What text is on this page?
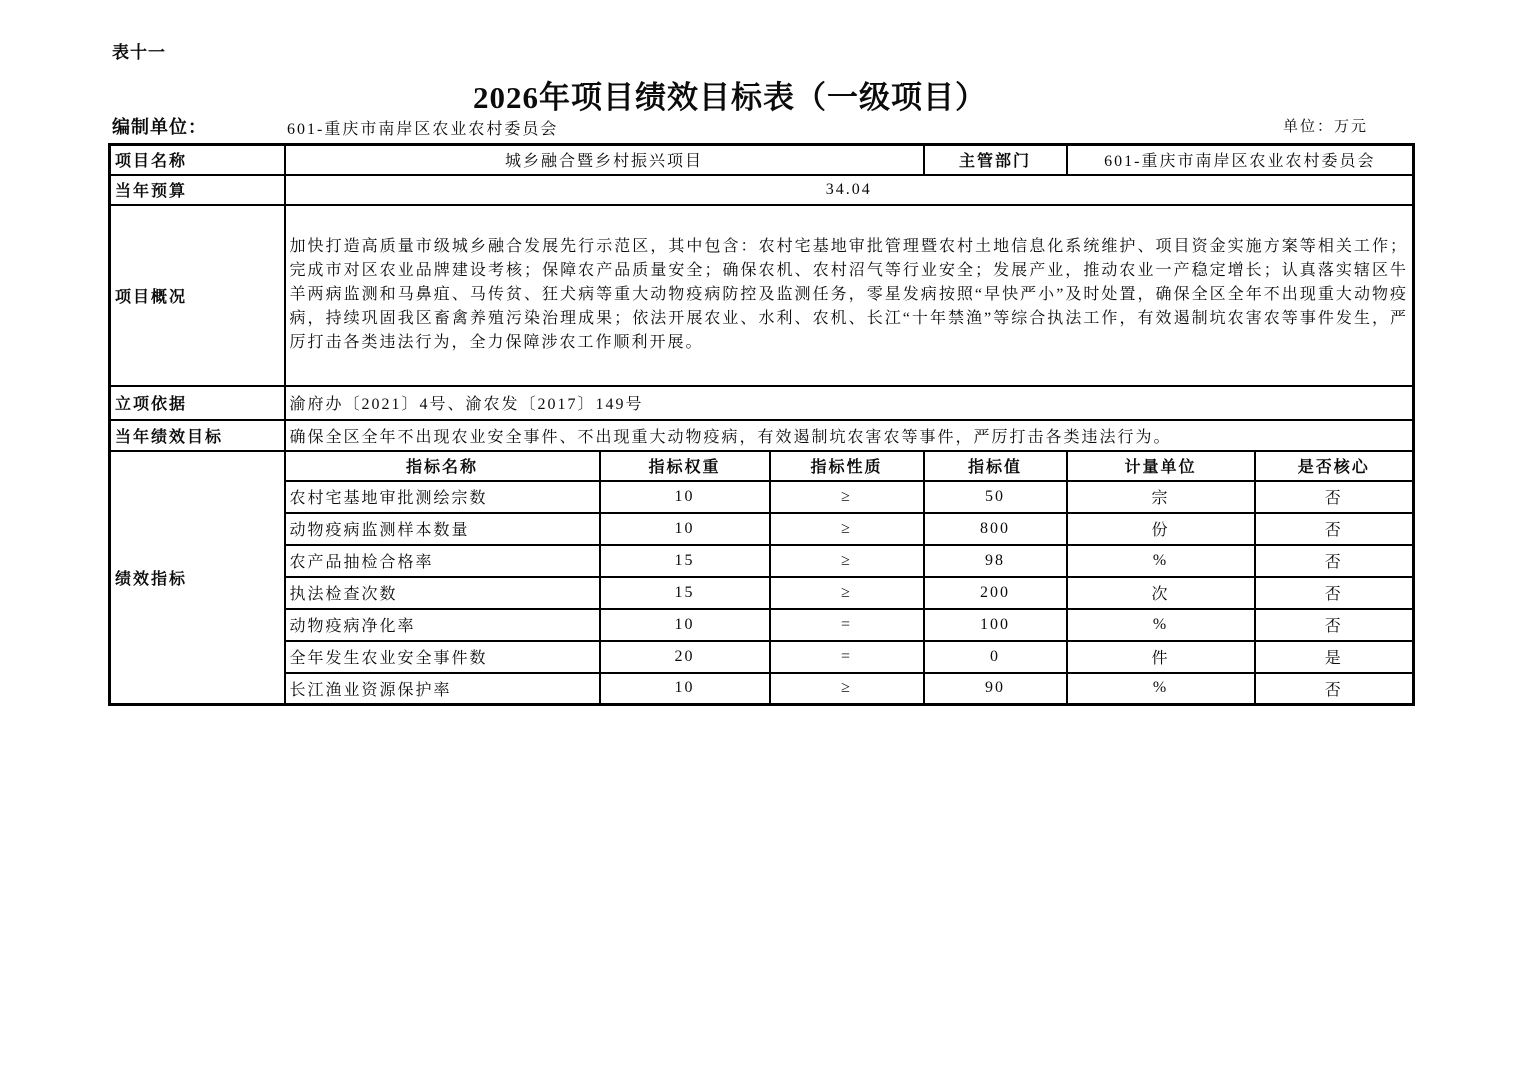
表十一
2026年项目绩效目标表（一级项目）
编制单位：	601-重庆市南岸区农业农村委员会	单位：万元
项目名称	城乡融合暨乡村振兴项目			主管部门	601-重庆市南岸区农业农村委员会	
当年预算	34.04					
项目概况	加快打造高质量市级城乡融合发展先行示范区，其中包含：农村宅基地审批管理暨农村土地信息化系统维护、项目资金实施方案等相关工作；完成市对区农业品牌建设考核；保障农产品质量安全；确保农机、农村沼气等行业安全；发展产业，推动农业一产稳定增长；认真落实辖区牛羊两病监测和马鼻疽、马传贫、狂犬病等重大动物疫病防控及监测任务，零星发病按照“早快严小”及时处置，确保全区全年不出现重大动物疫病，持续巩固我区畜禽养殖污染治理成果；依法开展农业、水利、农机、长江“十年禁渔”等综合执法工作，有效遏制坑农害农等事件发生，严厉打击各类违法行为，全力保障涉农工作顺利开展。					
立项依据	渝府办〔2021〕4号、渝农发〔2017〕149号					
当年绩效目标	确保全区全年不出现农业安全事件、不出现重大动物疫病，有效遏制坑农害农等事件，严厉打击各类违法行为。					
绩效指标	指标名称	指标权重	指标性质	指标值	计量单位	是否核心
	农村宅基地审批测绘宗数	10	≥	50	宗	否
	动物疫病监测样本数量	10	≥	800	份	否
	农产品抽检合格率	15	≥	98	%	否
	执法检查次数	15	≥	200	次	否
	动物疫病净化率	10	=	100	%	否
	全年发生农业安全事件数	20	=	0	件	是
	长江渔业资源保护率	10	≥	90	%	否
